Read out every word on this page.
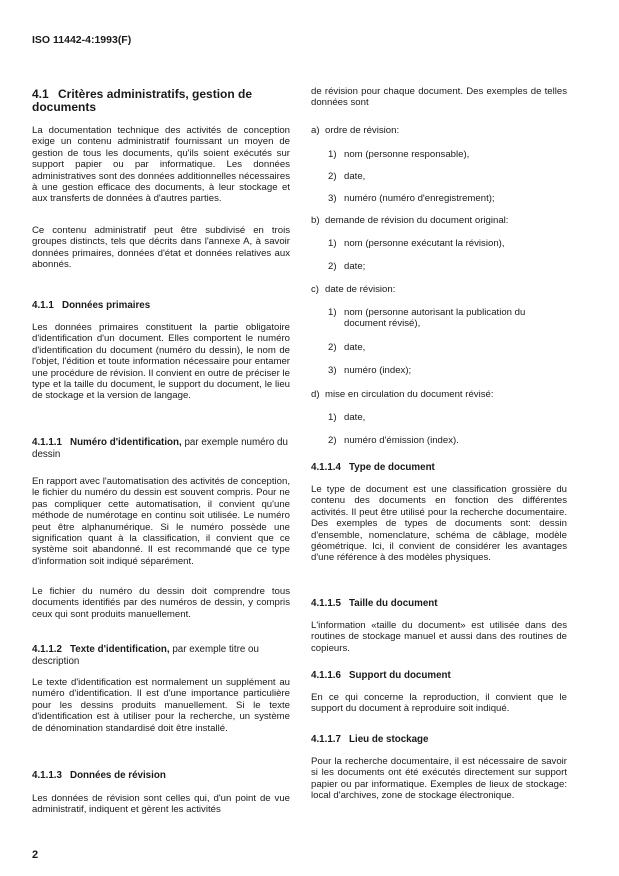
ISO 11442-4:1993(F)
4.1 Critères administratifs, gestion de documents
La documentation technique des activités de conception exige un contenu administratif fournissant un moyen de gestion de tous les documents, qu'ils soient exécutés sur support papier ou par informatique. Les données administratives sont des données additionnelles nécessaires à une gestion efficace des documents, à leur stockage et aux transferts de données à d'autres parties.
Ce contenu administratif peut être subdivisé en trois groupes distincts, tels que décrits dans l'annexe A, à savoir données primaires, données d'état et données relatives aux abonnés.
4.1.1 Données primaires
Les données primaires constituent la partie obligatoire d'identification d'un document. Elles comportent le numéro d'identification du document (numéro du dessin), le nom de l'objet, l'édition et toute information nécessaire pour entamer une procédure de révision. Il convient en outre de préciser le type et la taille du document, le support du document, le lieu de stockage et la version de langage.
4.1.1.1 Numéro d'identification, par exemple numéro du dessin
En rapport avec l'automatisation des activités de conception, le fichier du numéro du dessin est souvent compris. Pour ne pas compliquer cette automatisation, il convient qu'une méthode de numérotage en continu soit utilisée. Le numéro peut être alphanumérique. Si le numéro possède une signification quant à la classification, il convient que ce système soit abandonné. Il est recommandé que ce type d'information soit indiqué séparément.
Le fichier du numéro du dessin doit comprendre tous documents identifiés par des numéros de dessin, y compris ceux qui sont produits manuellement.
4.1.1.2 Texte d'identification, par exemple titre ou description
Le texte d'identification est normalement un supplément au numéro d'identification. Il est d'une importance particulière pour les dessins produits manuellement. Si le texte d'identification est à utiliser pour la recherche, un système de dénomination standardisé doit être installé.
4.1.1.3 Données de révision
Les données de révision sont celles qui, d'un point de vue administratif, indiquent et gèrent les activités
2
de révision pour chaque document. Des exemples de telles données sont
a) ordre de révision:
1) nom (personne responsable),
2) date,
3) numéro (numéro d'enregistrement);
b) demande de révision du document original:
1) nom (personne exécutant la révision),
2) date;
c) date de révision:
1) nom (personne autorisant la publication du document révisé),
2) date,
3) numéro (index);
d) mise en circulation du document révisé:
1) date,
2) numéro d'émission (index).
4.1.1.4 Type de document
Le type de document est une classification grossière du contenu des documents en fonction des différentes activités. Il peut être utilisé pour la recherche documentaire. Des exemples de types de documents sont: dessin d'ensemble, nomenclature, schéma de câblage, modèle géométrique. Ici, il convient de considérer les avantages d'une référence à des modèles physiques.
4.1.1.5 Taille du document
L'information «taille du document» est utilisée dans des routines de stockage manuel et aussi dans des routines de copieurs.
4.1.1.6 Support du document
En ce qui concerne la reproduction, il convient que le support du document à reproduire soit indiqué.
4.1.1.7 Lieu de stockage
Pour la recherche documentaire, il est nécessaire de savoir si les documents ont été exécutés directement sur support papier ou par informatique. Exemples de lieux de stockage: local d'archives, zone de stockage électronique.
